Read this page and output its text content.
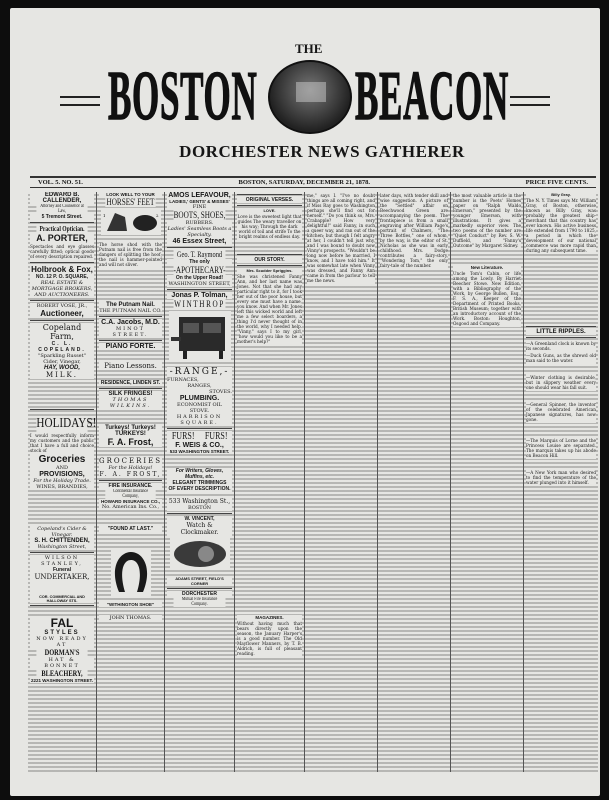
THE
BOSTON BEACON
DORCHESTER NEWS GATHERER
VOL. 5. NO. 51.	BOSTON, SATURDAY, DECEMBER 21, 1878.	PRICE FIVE CENTS.
EDWARD B. CALLENDER,
Attorney and Counsellor at Law,
5 Tremont Street.
Practical Optician.
A. PORTER,
Spectacles and eye glasses carefully fitted; optical goods of every description repaired.
Holbrook & Fox,
NO. 12 P. O. SQUARE,
REAL ESTATE & MORTGAGE BROKERS, AND AUCTIONEERS.
ROBERT VOSE, JR.,
Auctioneer,
Copeland Farm,
C. L. COPELAND.
"Sparkling Russet" Cider, Vinegar,
HAY, WOOD,
MILK.
HOLIDAYS!
I would respectfully inform my customers and the public that I have a full and choice stock of
Groceries
AND
PROVISIONS,
For the Holiday Trade.
WINES, BRANDIES,
Copeland's Cider & Vinegar.
S. H. CHITTENDEN,
Washington Street,
WILSON STANLEY,
Funeral
UNDERTAKER,
COR. COMMERCIAL AND HALLOWAY STS.
FAL
STYLES
NOW READY AT
DORMAN'S
HAT & BONNET
BLEACHERY,
2221 WASHINGTON STREET.
LOOK WELL TO YOUR
HORSES' FEET
1	2
The horse shod with the Putnam nail is free from the dangers of splitting the hoof; the nail is hammer-pointed and will not sliver.
The Putnam Nail.
THE PUTNAM NAIL CO.
C.A. Jacobs, M.D.
MINOT STREET.
PIANO FORTE.
Piano Lessons.
RESIDENCE, LINDEN ST.
SILK FRINGES!
THOMAS WILKINS.
Turkeys! Turkeys!
TURKEYS!
F. A. Frost,
GROCERIES
For the Holidays!
F. A. FROST,
FIRE INSURANCE.
Continental Insurance Company,
HOWARD INSURANCE CO.,
No. American Ins. Co.,
"FOUND AT LAST."
"WITHINGTON SHOE"
JOHN THOMAS.
AMOS LEFAVOUR,
LADIES,' GENTS' & MISSES'
FINE
BOOTS, SHOES,
RUBBERS.
Ladies' Seamless Boots a Specialty.
46 Essex Street,
Geo. T. Raymond
The only
-APOTHECARY-
On the Upper Road!
WASHINGTON STREET,
Jonas P. Tolman,
WINTHROP
-RANGE,-
FURNACES,
RANGES,
STOVES.
PLUMBING.
ECONOMIST OIL STOVE.
HARRISON SQUARE.
FURS! FURS!
F. WEIS & CO.,
533 WASHINGTON STREET.
For Writers, Gloves, Muffins, etc.
ELEGANT TRIMMINGS
OF EVERY DESCRIPTION.
533 Washington St.,
BOSTON
W. VINCENT,
Watch & Clockmaker.
ADAMS STREET, FIELD'S CORNER
DORCHESTER
Mutual Fire Insurance Company.
ORIGINAL VERSES.
LOVE.
Love is the sweetest light that guides The weary traveller on his way; Through the dark world of toil and strife To the bright realms of endless day.
OUR STORY.
Mrs. Scudder Spriggins.
She was christened Fanny Ann, and her last name was Jones. Not that she had any particular right to it, for I took her out of the poor house, but every one must have a name, you know. And when Mr. Jones left this wicked world and left me a few select boarders, a thing I'd never thought of in the world, why I needed help. "Vinny," says I to my girl, "how would you like to be a mother's help?"
MAGAZINES.
Without having much that bears directly upon the season, the January Harper's is a good number. The Old Mayflower Manners, by T. B. Aldrich, is full of pleasant reading.
me," says I. "I've no doubt things are all coming right, and if Miss Ray goes to Washington perhaps she'll find out for herself." "Do you think so, Mrs. Crabapple? How very delightful!" said Fanny, in such a queer way, and ran out of the kitchen; but though I felt angry at her, I couldn't tell just why, and I was bound to doubt now Vinny's prospects. "Wouldn't be long now before he married, I know, and I have told him." It was somewhat late when Vinny was dressed, and Fanny Ann came in from the parlour to tell me the news.
later days, with tender skill and wise suggestion. A picture of the "Settled" affair on Beechwood Green are accompanying the poem. The frontispiece is from a small engraving after William Page's portrait of Chalmers, "The Three Bottles," one of whom, by the way, is the editor of St. Nicholas as she was in early childhood. Mrs. Dodge contributes a fairy-story, "Wondering Tom," the only fairy-tale of the number.
the most valuable article in the number is the Poets' Homes paper on "Ralph Waldo Emerson," presented by the younger Emerson, with illustrations. It gives a markedly superior view. The two poems of the number are "Quiet Conduct" by Rev. S. W. Duffield, and "Fanny's Outcome" by Margaret Sidney.
New Literature.
Uncle Tom's Cabin, or life among the Lowly. By Harriet Beecher Stowe. New Edition, with a Bibliography of the Work, by George Bullen, Esq., F. S. A., Keeper of the Department of Printed Books, British Museum; together with an introductory account of the Work. Boston: Houghton, Osgood and Company.
Billy Gray.
The N. Y. Times says Mr. William Gray, of Boston, otherwise known as Billy Gray, was probably the greatest ship-merchant that this country has ever known. His active business life extended from 1790 to 1825, a period in which the development of our national commerce was more rapid than during any subsequent time.
LITTLE RIPPLES.
—A Greenland clock is known by its seconds.
—Duck Guns, as the shrewd old man said to the water.
—Winter clothing is desirable, but in slippery weather every one should wear his fall suit.
—General Spinner, the inventor of the celebrated American Japanese signatures, has now gone.
—The Marquis of Lorne and the Princess Louise are separated. The marquis takes up his abode on Beacon Hill.
—A New York man who desired to find the temperature of the water plunged into it himself.
